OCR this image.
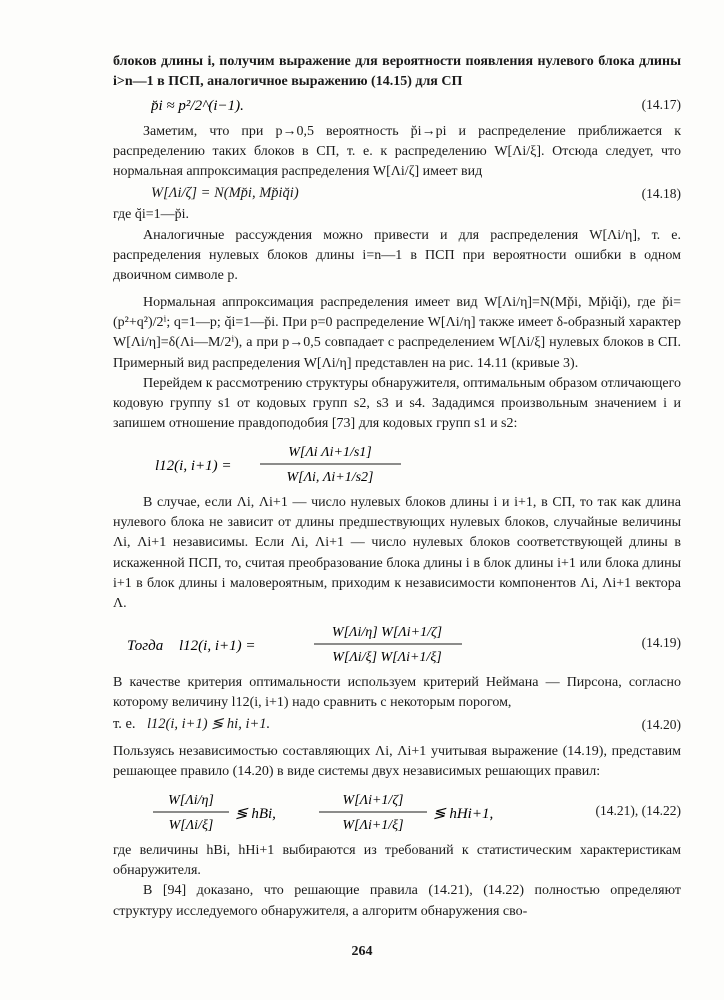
блоков длины i, получим выражение для вероятности появления нулевого блока длины i>n—1 в ПСП, аналогичное выражению (14.15) для СП

p̆i ≈ p²/2^(i−1).	(14.17)

Заметим, что при p→0,5 вероятность p̆i→pi и распределение приближается к распределению таких блоков в СП, т. е. к распределению W[Λi/ξ]. Отсюда следует, что нормальная аппроксимация распределения W[Λi/ζ] имеет вид

W[Λi/ζ] = N(Mp̆i, Mp̆iq̆i)	(14.18)

где q̆i=1—p̆i.

Аналогичные рассуждения можно привести и для распределения W[Λi/η], т. е. распределения нулевых блоков длины i=n—1 в ПСП при вероятности ошибки в одном двоичном символе р.

Нормальная аппроксимация распределения имеет вид W[Λi/η]=N(Mp̆i, Mp̆iq̆i), где p̆i=(p²+q²)/2ⁱ; q=1—p; q̆i=1—p̆i. При p=0 распределение W[Λi/η] также имеет δ-образный характер W[Λi/η]=δ(Λi—M/2ⁱ), а при p→0,5 совпадает с распределением W[Λi/ξ] нулевых блоков в СП. Примерный вид распределения W[Λi/η] представлен на рис. 14.11 (кривые 3).

Перейдем к рассмотрению структуры обнаружителя, оптимальным образом отличающего кодовую группу s1 от кодовых групп s2, s3 и s4. Зададимся произвольным значением i и запишем отношение правдоподобия [73] для кодовых групп s1 и s2:

l12(i, i+1) =
W[Λi Λi+1/s1]
W[Λi, Λi+1/s2]

В случае, если Λi, Λi+1 — число нулевых блоков длины i и i+1, в СП, то так как длина нулевого блока не зависит от длины предшествующих нулевых блоков, случайные величины Λi, Λi+1 независимы. Если Λi, Λi+1 — число нулевых блоков соответствующей длины в искаженной ПСП, то, считая преобразование блока длины i в блок длины i+1 или блока длины i+1 в блок длины i маловероятным, приходим к независимости компонентов Λi, Λi+1 вектора Λ.

Тогда l12(i, i+1) =
W[Λi/η] W[Λi+1/ζ]
W[Λi/ξ] W[Λi+1/ξ]
(14.19)

В качестве критерия оптимальности используем критерий Неймана — Пирсона, согласно которому величину l12(i, i+1) надо сравнить с некоторым порогом,

т. е. l12(i, i+1) ≶ hi, i+1.	(14.20)

Пользуясь независимостью составляющих Λi, Λi+1 учитывая выражение (14.19), представим решающее правило (14.20) в виде системы двух независимых решающих правил:

W[Λi/η]
W[Λi/ξ]
≶ hBi,
W[Λi+1/ζ]
W[Λi+1/ξ]
≶ hHi+1,	(14.21), (14.22)

где величины hBi, hHi+1 выбираются из требований к статистическим характеристикам обнаружителя.

В [94] доказано, что решающие правила (14.21), (14.22) полностью определяют структуру исследуемого обнаружителя, а алгоритм обнаружения сво-

264
